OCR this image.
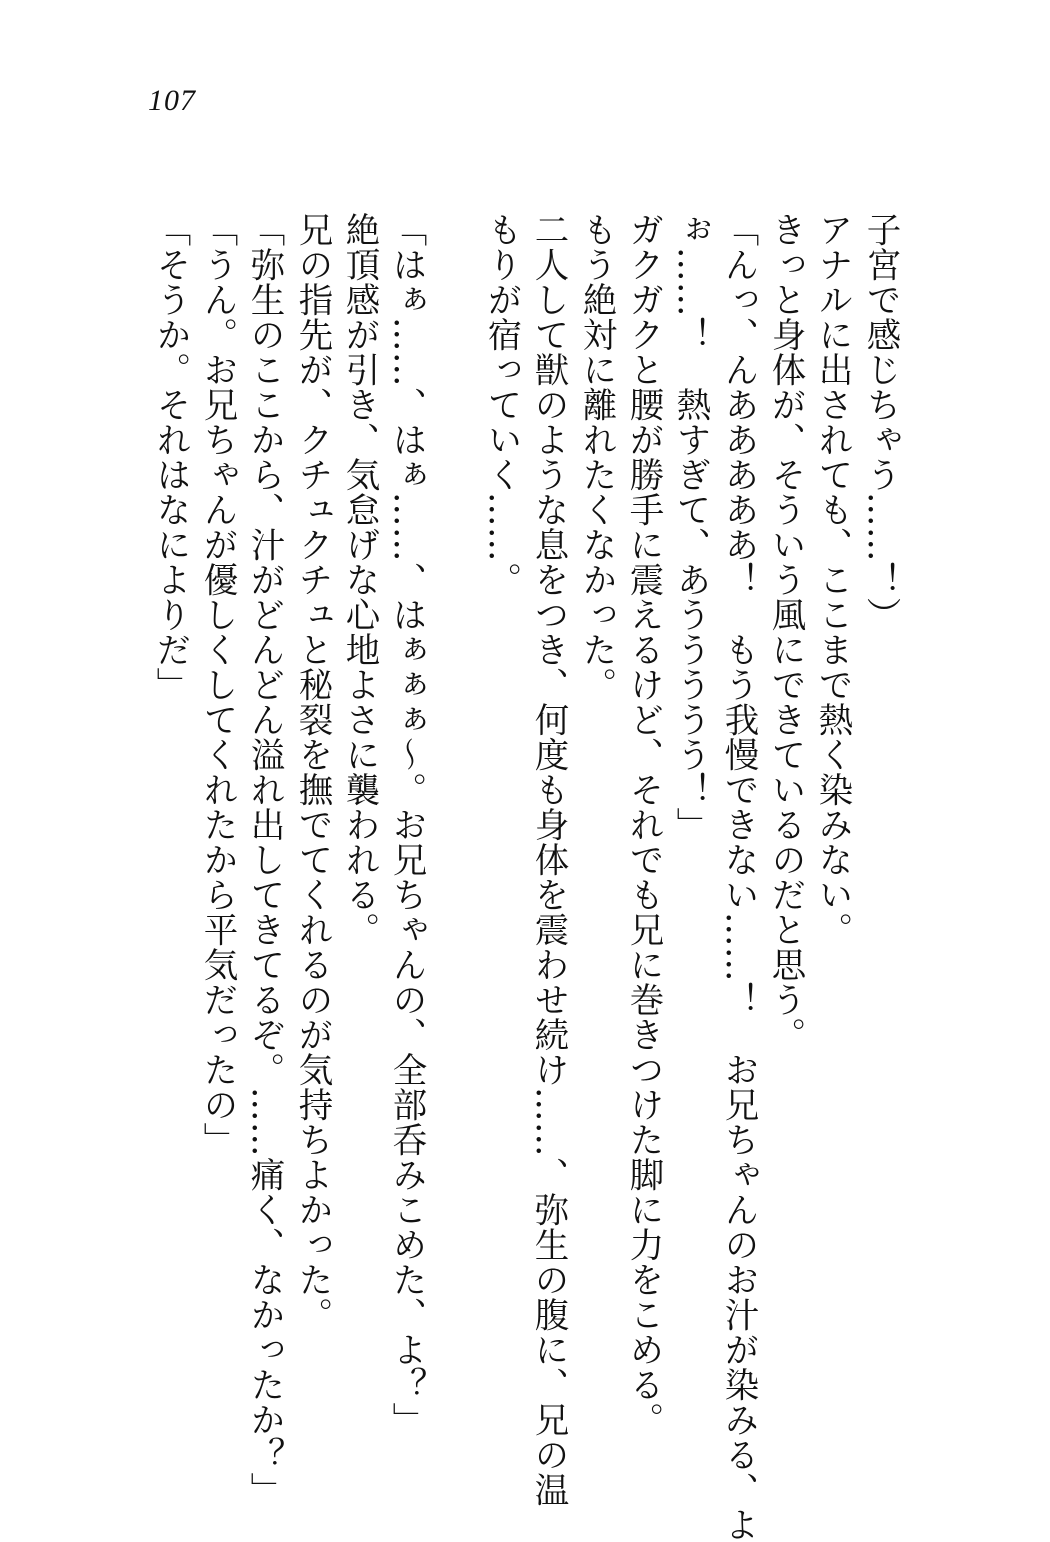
107
子宮で感じちゃう……！）
アナルに出されても、ここまで熱く染みない。
きっと身体が、そういう風にできているのだと思う。
「んっ、んあああああ！　もう我慢できない……！　お兄ちゃんのお汁が染みる、よ
ぉ……！　熱すぎて、あううううう！」
ガクガクと腰が勝手に震えるけど、それでも兄に巻きつけた脚に力をこめる。
もう絶対に離れたくなかった。
二人して獣のような息をつき、何度も身体を震わせ続け……、弥生の腹に、兄の温
もりが宿っていく……。
「はぁ……、はぁ……、はぁぁぁ～。お兄ちゃんの、全部呑みこめた、よ？」
絶頂感が引き、気怠げな心地よさに襲われる。
兄の指先が、クチュクチュと秘裂を撫でてくれるのが気持ちよかった。
「弥生のここから、汁がどんどん溢れ出してきてるぞ。……痛く、なかったか？」
「うん。お兄ちゃんが優しくしてくれたから平気だったの」
「そうか。それはなによりだ」
